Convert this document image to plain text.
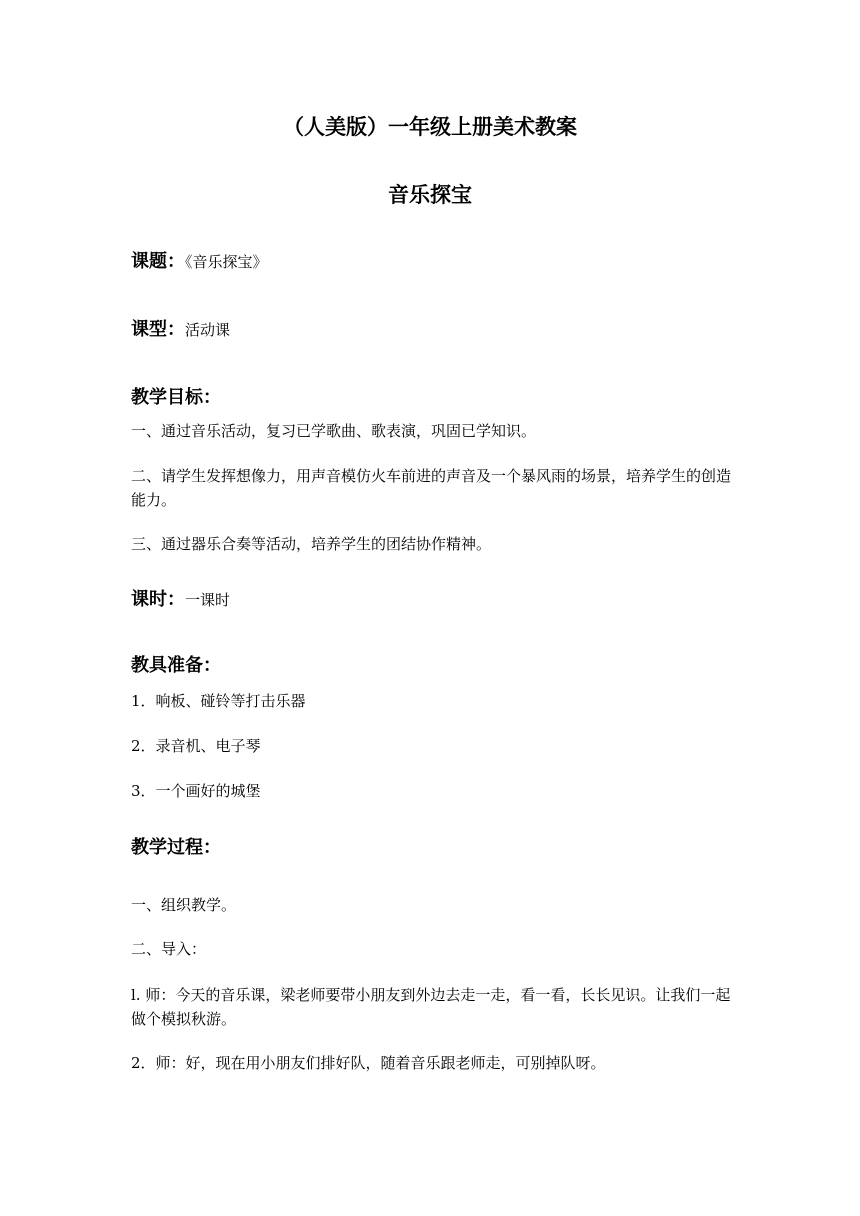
（人美版）一年级上册美术教案
音乐探宝
课题：《音乐探宝》
课型：活动课
教学目标：
一、通过音乐活动，复习已学歌曲、歌表演，巩固已学知识。
二、请学生发挥想像力，用声音模仿火车前进的声音及一个暴风雨的场景，培养学生的创造能力。
三、通过器乐合奏等活动，培养学生的团结协作精神。
课时：一课时
教具准备：
1．响板、碰铃等打击乐器
2．录音机、电子琴
3．一个画好的城堡
教学过程：
一、组织教学。
二、导入：
l. 师：今天的音乐课，梁老师要带小朋友到外边去走一走，看一看，长长见识。让我们一起做个模拟秋游。
2．师：好，现在用小朋友们排好队，随着音乐跟老师走，可别掉队呀。
